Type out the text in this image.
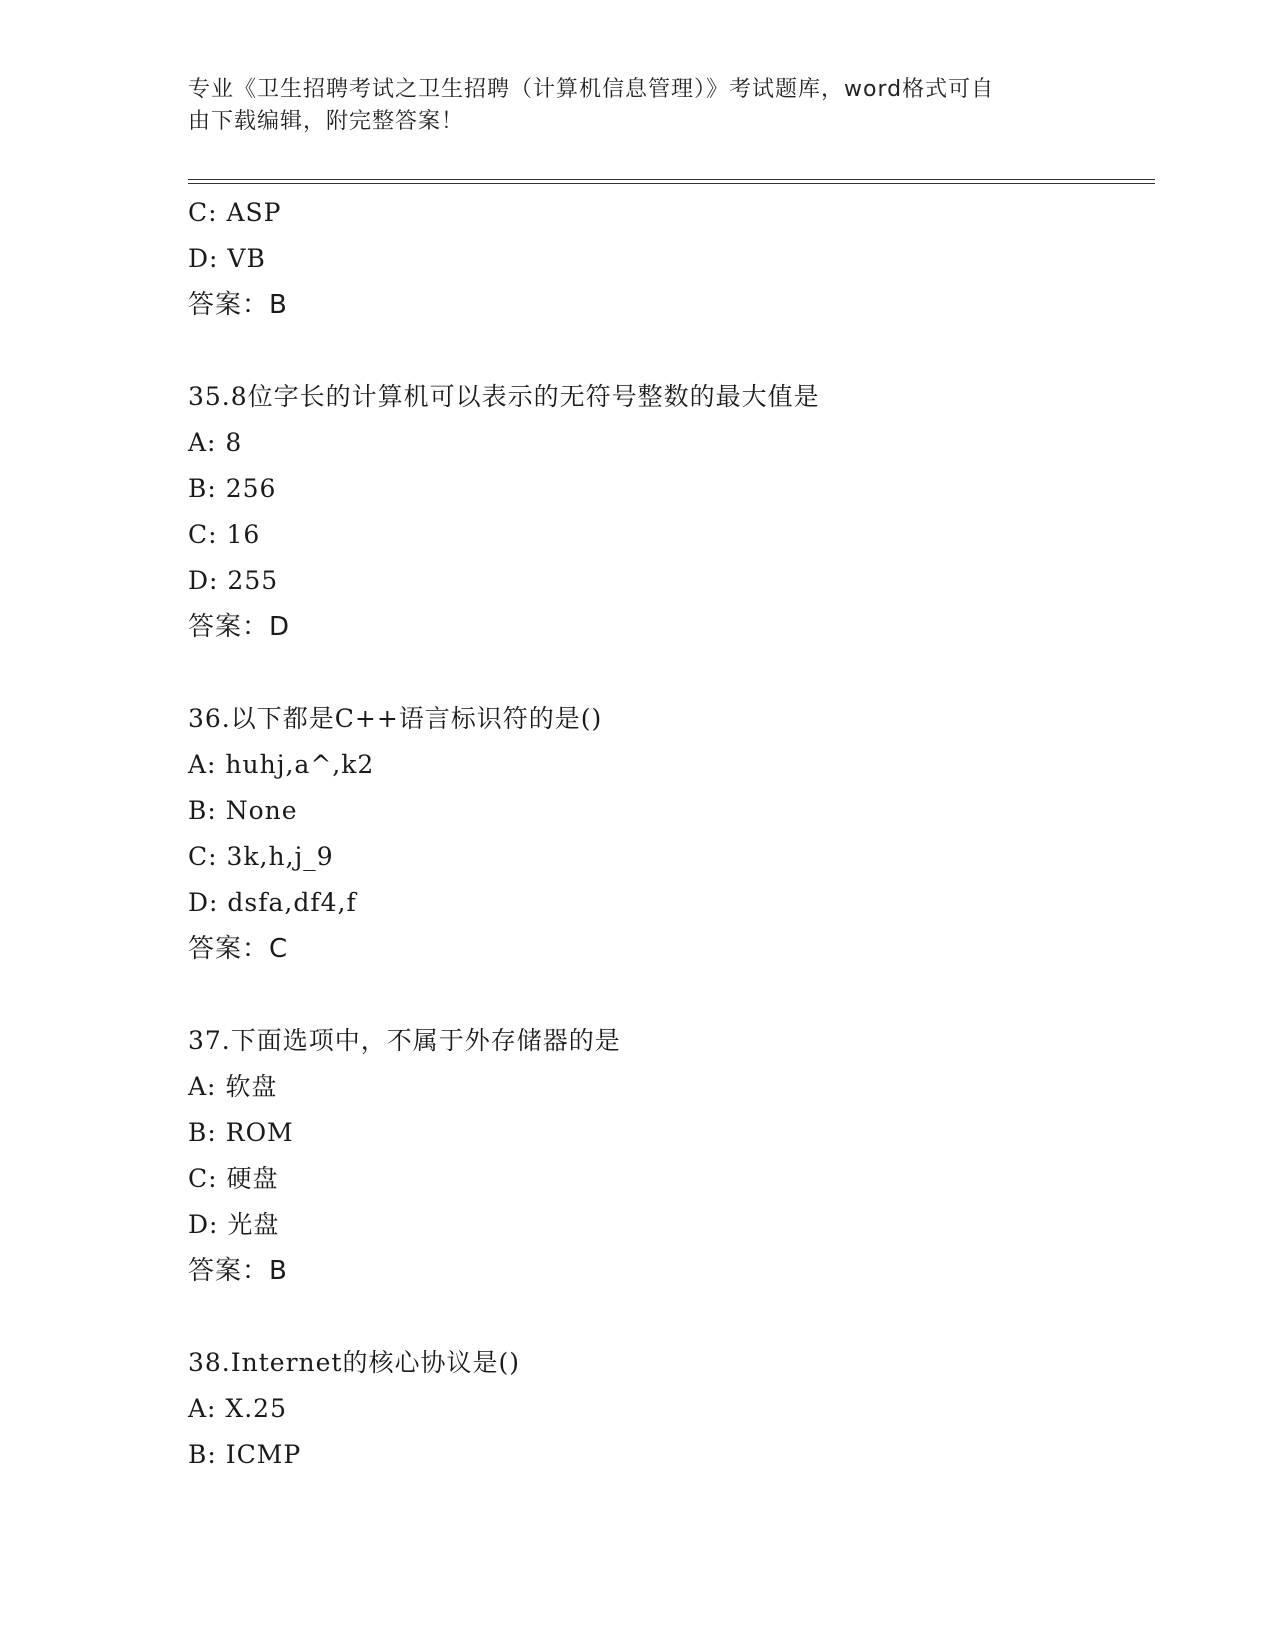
专业《卫生招聘考试之卫生招聘（计算机信息管理）》考试题库，word格式可自
由下载编辑，附完整答案！
C: ASP
D: VB
答案：B
35.8位字长的计算机可以表示的无符号整数的最大值是
A: 8
B: 256
C: 16
D: 255
答案：D
36.以下都是C++语言标识符的是()
A: huhj,a^,k2
B: None
C: 3k,h,j_9
D: dsfa,df4,f
答案：C
37.下面选项中，不属于外存储器的是
A: 软盘
B: ROM
C: 硬盘
D: 光盘
答案：B
38.Internet的核心协议是()
A: X.25
B: ICMP
